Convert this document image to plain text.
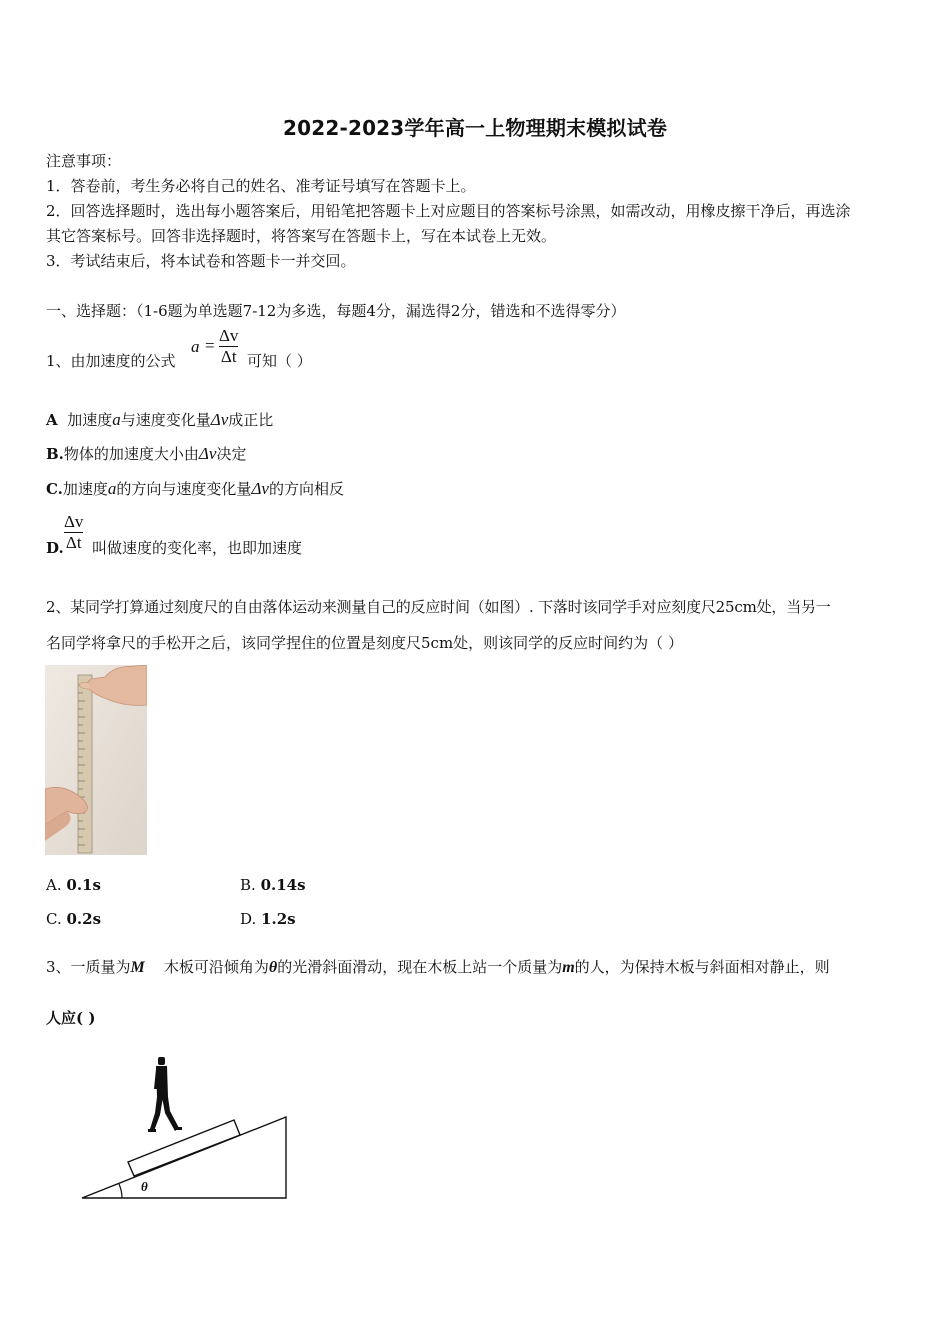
2022-2023学年高一上物理期末模拟试卷
注意事项：
1．答卷前，考生务必将自己的姓名、准考证号填写在答题卡上。
2．回答选择题时，选出每小题答案后，用铅笔把答题卡上对应题目的答案标号涂黑，如需改动，用橡皮擦干净后，再选涂
其它答案标号。回答非选择题时，将答案写在答题卡上，写在本试卷上无效。
3．考试结束后，将本试卷和答题卡一并交回。
一、选择题：（1-6题为单选题7-12为多选，每题4分，漏选得2分，错选和不选得零分）
1、由加速度的公式
a =
Δv
Δt 可知（ ）
A 加速度a与速度变化量Δv成正比
B.物体的加速度大小由Δv决定
C.加速度a的方向与速度变化量Δv的方向相反
D.
Δv
Δt 叫做速度的变化率，也即加速度
2、某同学打算通过刻度尺的自由落体运动来测量自己的反应时间（如图）. 下落时该同学手对应刻度尺25cm处，当另一
名同学将拿尺的手松开之后，该同学捏住的位置是刻度尺5cm处，则该同学的反应时间约为（ ）
A. 0.1s	B. 0.14s
C. 0.2s	D. 1.2s
3、一质量为M 木板可沿倾角为θ的光滑斜面滑动，现在木板上站一个质量为m的人，为保持木板与斜面相对静止，则
人应( )
θ
